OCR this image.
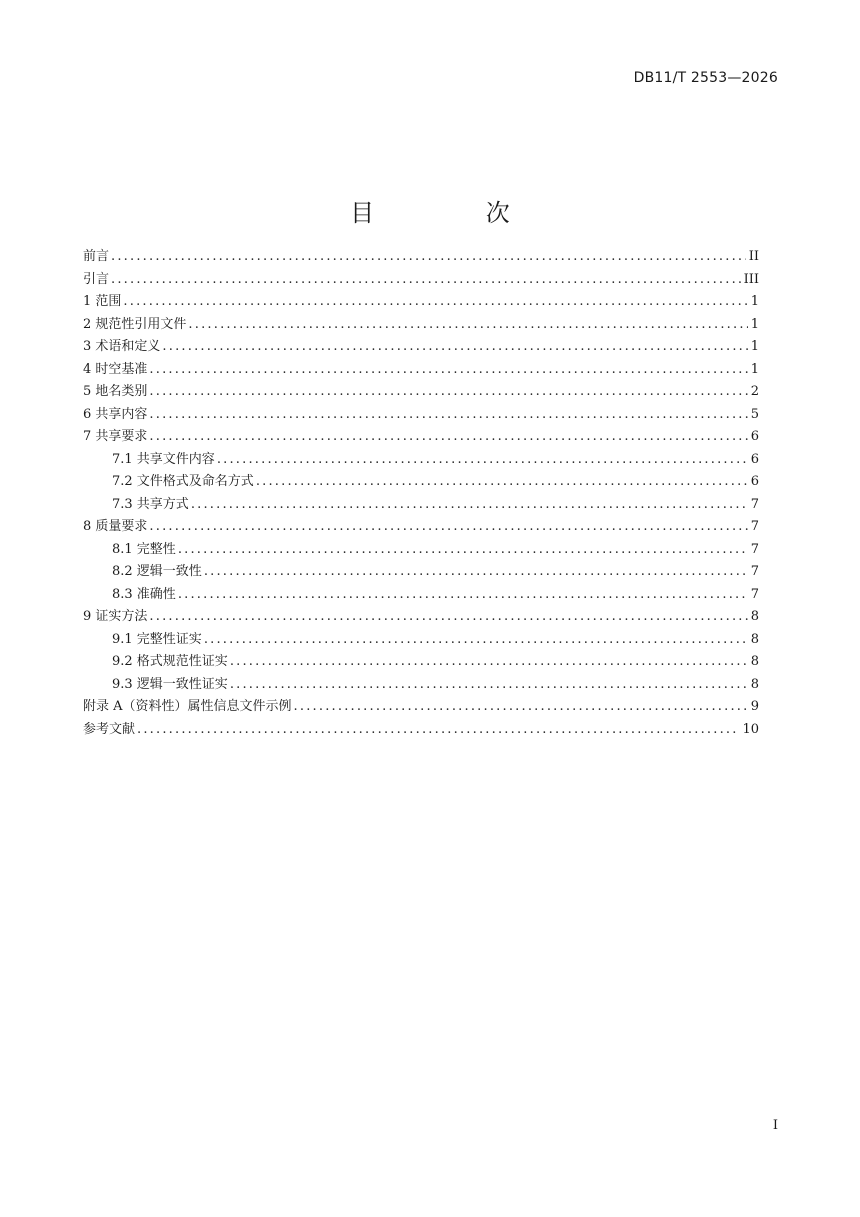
DB11/T 2553—2026
目 次
前言 .....	II
引言 .....	III
1 范围 .....	1
2 规范性引用文件 .....	1
3 术语和定义 .....	1
4 时空基准 .....	1
5 地名类别 .....	2
6 共享内容 .....	5
7 共享要求 .....	6
7.1 共享文件内容 .....	6
7.2 文件格式及命名方式 .....	6
7.3 共享方式 .....	7
8 质量要求 .....	7
8.1 完整性 .....	7
8.2 逻辑一致性 .....	7
8.3 准确性 .....	7
9 证实方法 .....	8
9.1 完整性证实 .....	8
9.2 格式规范性证实 .....	8
9.3 逻辑一致性证实 .....	8
附录 A（资料性）属性信息文件示例 .....	9
参考文献 .....	10
I
